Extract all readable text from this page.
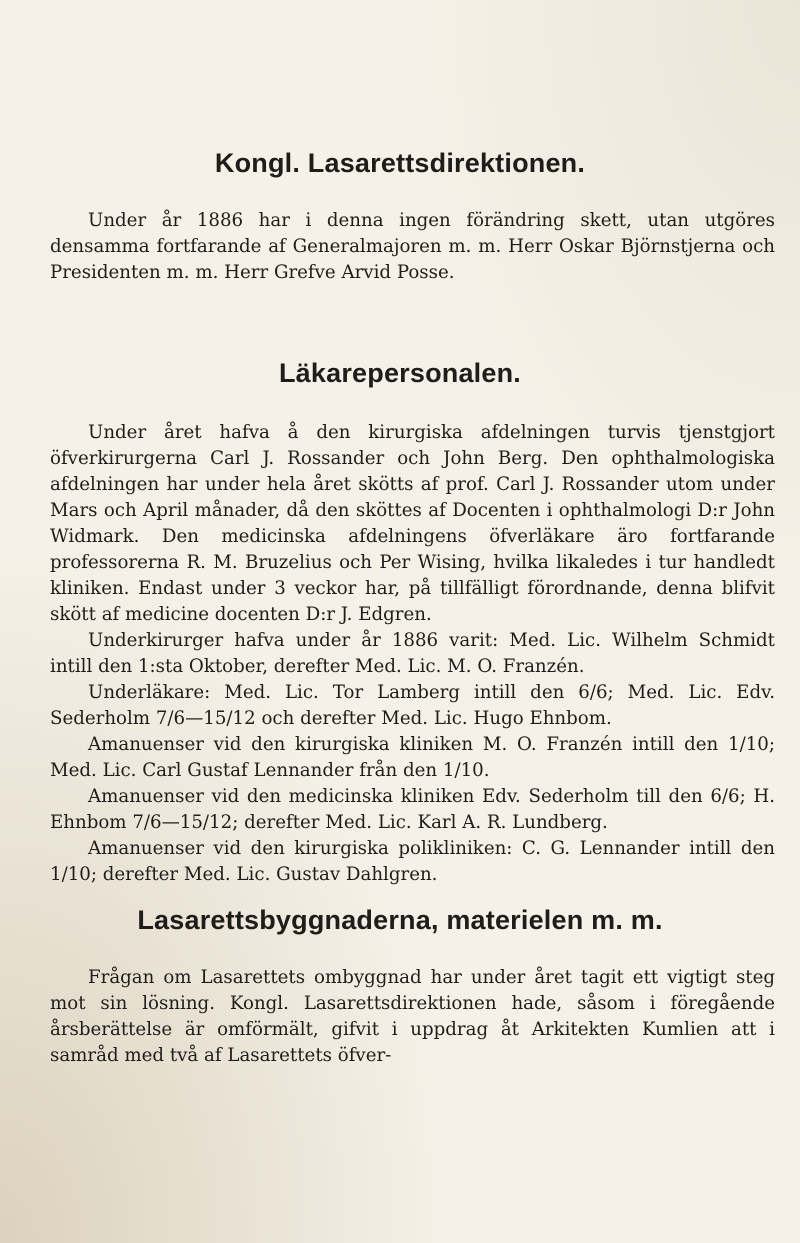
Kongl. Lasarettsdirektionen.

Under år 1886 har i denna ingen förändring skett, utan utgöres densamma fortfarande af Generalmajoren m. m. Herr Oskar Björnstjerna och Presidenten m. m. Herr Grefve Arvid Posse.

Läkarepersonalen.

Under året hafva å den kirurgiska afdelningen turvis tjenstgjort öfverkirurgerna Carl J. Rossander och John Berg. Den ophthalmologiska afdelningen har under hela året skötts af prof. Carl J. Rossander utom under Mars och April månader, då den sköttes af Docenten i ophthalmologi D:r John Widmark. Den medicinska afdelningens öfverläkare äro fortfarande professorerna R. M. Bruzelius och Per Wising, hvilka likaledes i tur handledt kliniken. Endast under 3 veckor har, på tillfälligt förordnande, denna blifvit skött af medicine docenten D:r J. Edgren.

Underkirurger hafva under år 1886 varit: Med. Lic. Wilhelm Schmidt intill den 1:sta Oktober, derefter Med. Lic. M. O. Franzén.

Underläkare: Med. Lic. Tor Lamberg intill den 6/6; Med. Lic. Edv. Sederholm 7/6—15/12 och derefter Med. Lic. Hugo Ehnbom.

Amanuenser vid den kirurgiska kliniken M. O. Franzén intill den 1/10; Med. Lic. Carl Gustaf Lennander från den 1/10.

Amanuenser vid den medicinska kliniken Edv. Sederholm till den 6/6; H. Ehnbom 7/6—15/12; derefter Med. Lic. Karl A. R. Lundberg.

Amanuenser vid den kirurgiska polikliniken: C. G. Lennander intill den 1/10; derefter Med. Lic. Gustav Dahlgren.

Lasarettsbyggnaderna, materielen m. m.

Frågan om Lasarettets ombyggnad har under året tagit ett vigtigt steg mot sin lösning. Kongl. Lasarettsdirektionen hade, såsom i föregående årsberättelse är omförmält, gifvit i uppdrag åt Arkitekten Kumlien att i samråd med två af Lasarettets öfver-
